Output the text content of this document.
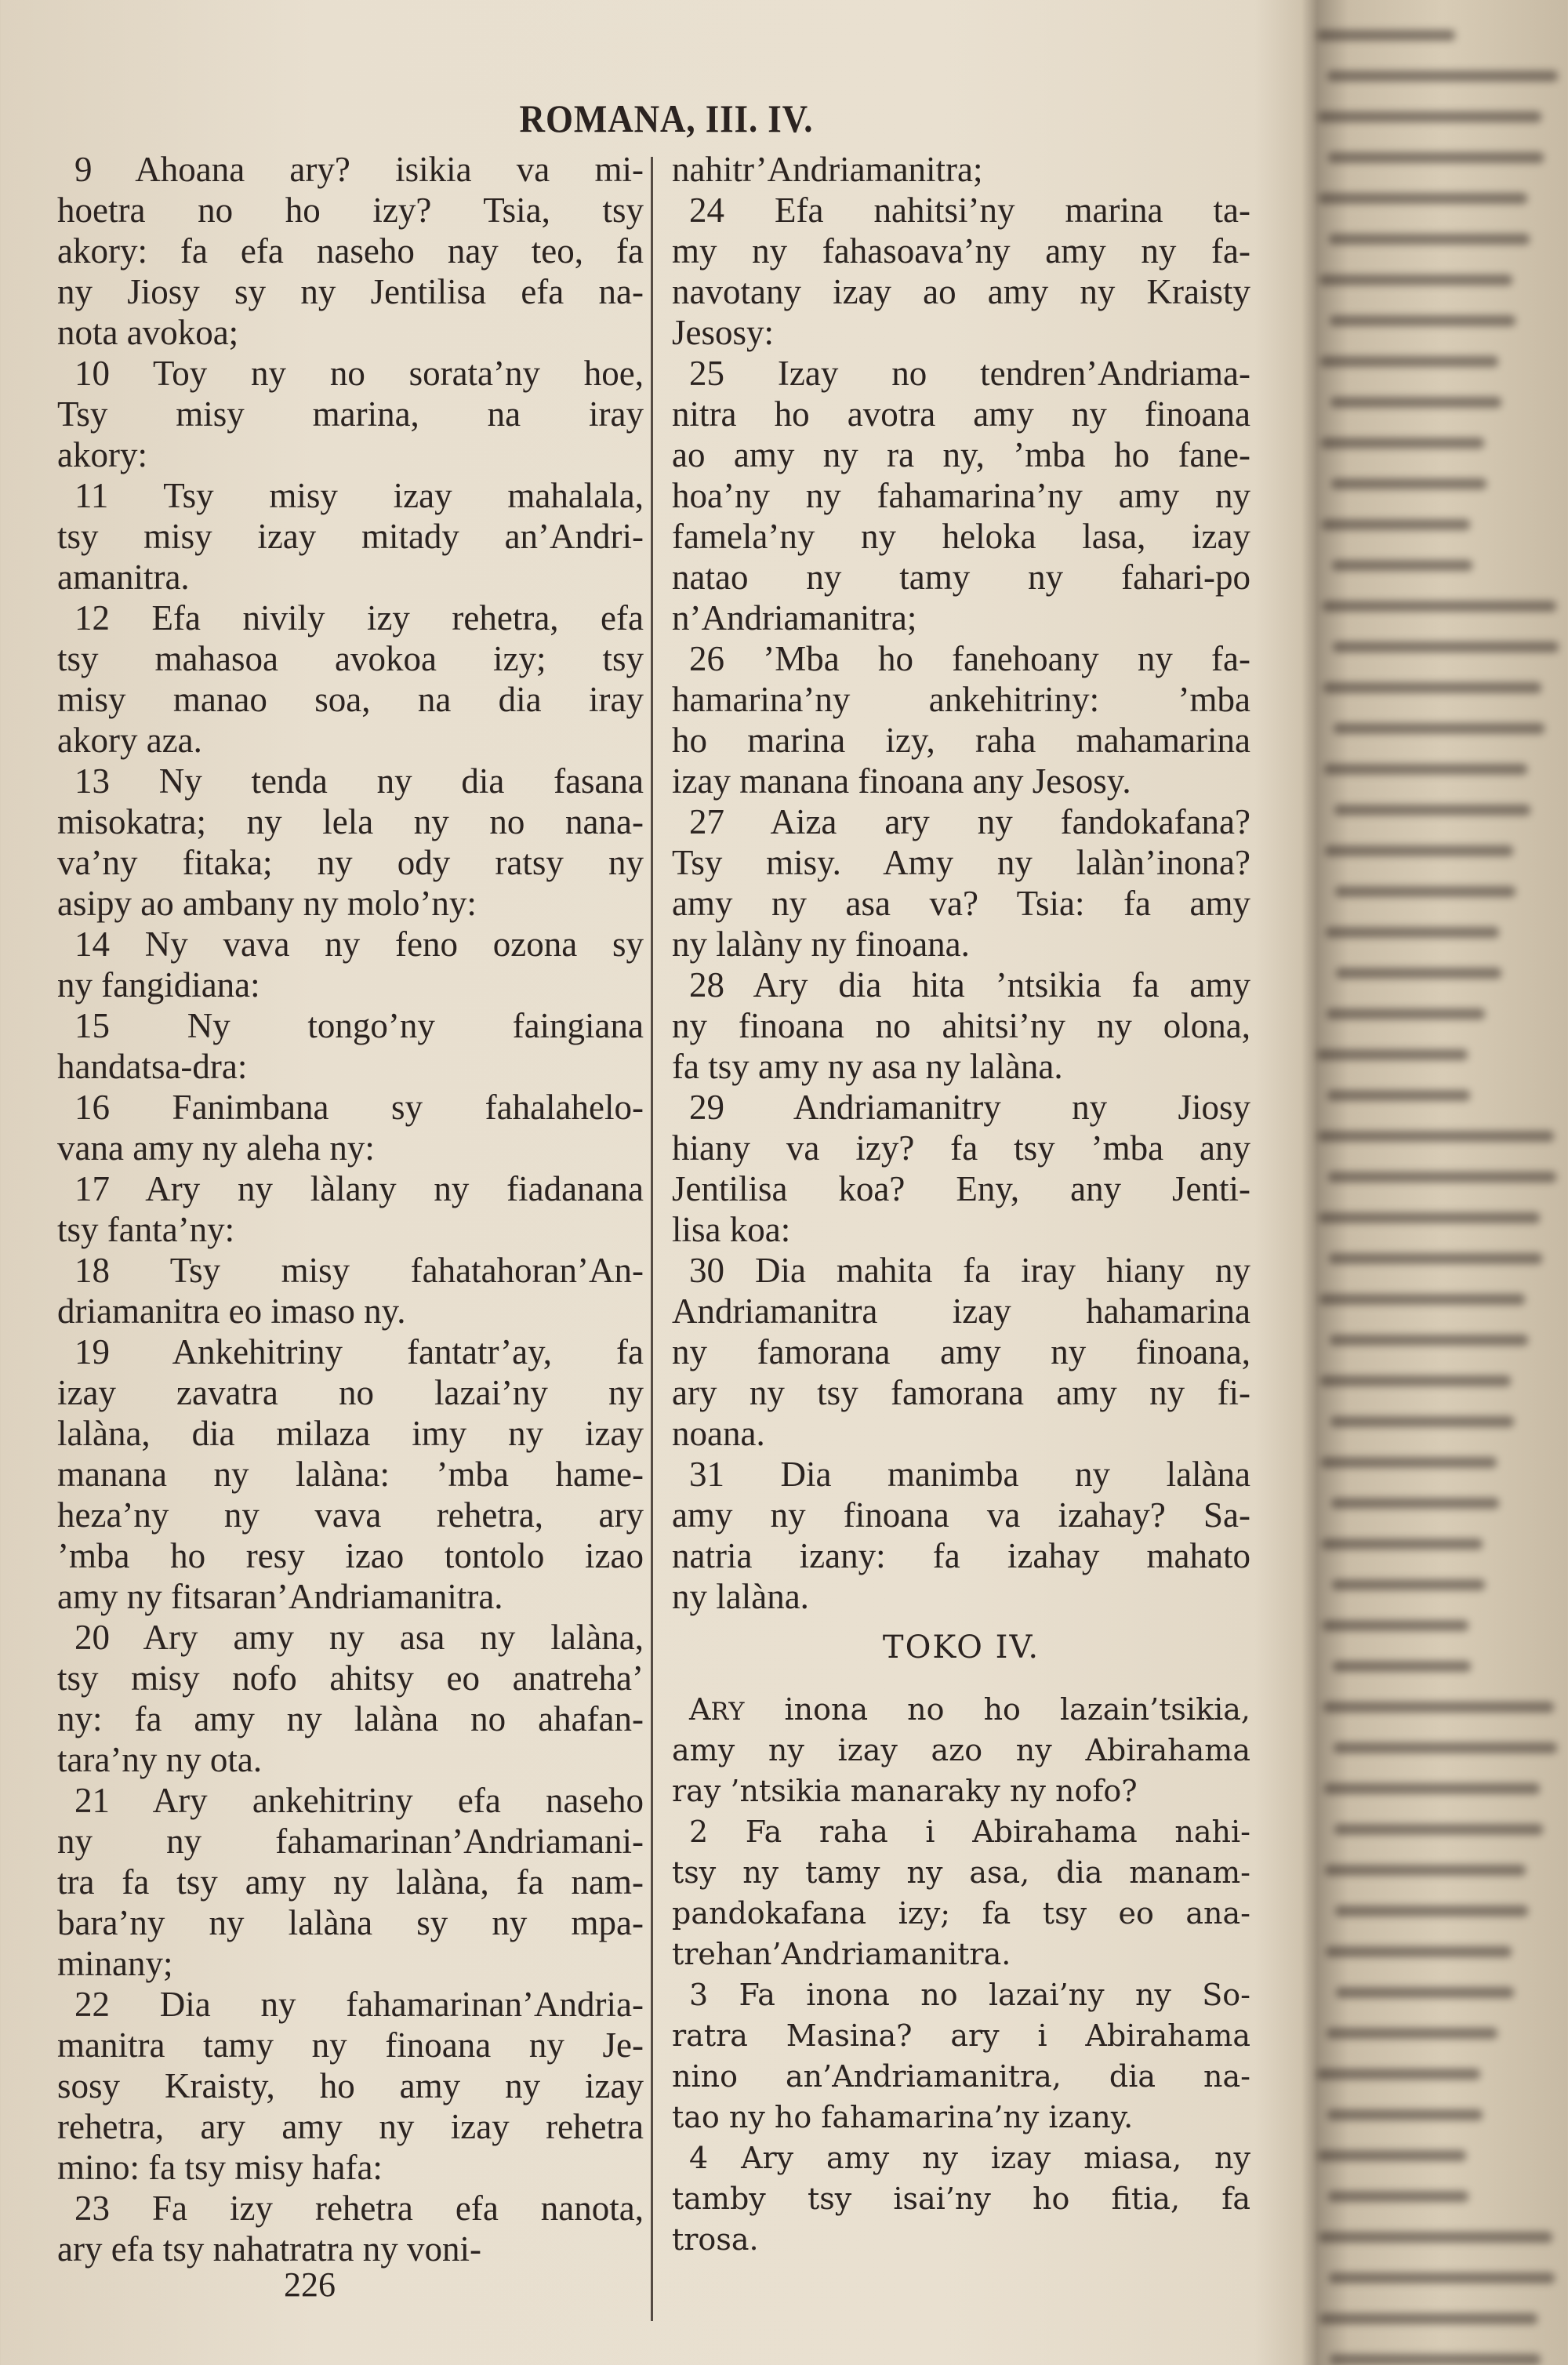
ROMANA, III. IV.
9 Ahoana ary? isikia va mi-
hoetra no ho izy? Tsia, tsy
akory: fa efa naseho nay teo, fa
ny Jiosy sy ny Jentilisa efa na-
nota avokoa;
10 Toy ny no sorata’ny hoe,
Tsy misy marina, na iray
akory:
11 Tsy misy izay mahalala,
tsy misy izay mitady an’Andri-
amanitra.
12 Efa nivily izy rehetra, efa
tsy mahasoa avokoa izy; tsy
misy manao soa, na dia iray
akory aza.
13 Ny tenda ny dia fasana
misokatra; ny lela ny no nana-
va’ny fitaka; ny ody ratsy ny
asipy ao ambany ny molo’ny:
14 Ny vava ny feno ozona sy
ny fangidiana:
15 Ny tongo’ny faingiana
handatsa-dra:
16 Fanimbana sy fahalahelo-
vana amy ny aleha ny:
17 Ary ny làlany ny fiadanana
tsy fanta’ny:
18 Tsy misy fahatahoran’An-
driamanitra eo imaso ny.
19 Ankehitriny fantatr’ay, fa
izay zavatra no lazai’ny ny
lalàna, dia milaza imy ny izay
manana ny lalàna: ’mba hame-
heza’ny ny vava rehetra, ary
’mba ho resy izao tontolo izao
amy ny fitsaran’Andriamanitra.
20 Ary amy ny asa ny lalàna,
tsy misy nofo ahitsy eo anatreha’
ny: fa amy ny lalàna no ahafan-
tara’ny ny ota.
21 Ary ankehitriny efa naseho
ny ny fahamarinan’Andriamani-
tra fa tsy amy ny lalàna, fa nam-
bara’ny ny lalàna sy ny mpa-
minany;
22 Dia ny fahamarinan’Andria-
manitra tamy ny finoana ny Je-
sosy Kraisty, ho amy ny izay
rehetra, ary amy ny izay rehetra
mino: fa tsy misy hafa:
23 Fa izy rehetra efa nanota,
ary efa tsy nahatratra ny voni-
nahitr’Andriamanitra;
24 Efa nahitsi’ny marina ta-
my ny fahasoava’ny amy ny fa-
navotany izay ao amy ny Kraisty
Jesosy:
25 Izay no tendren’Andriama-
nitra ho avotra amy ny finoana
ao amy ny ra ny, ’mba ho fane-
hoa’ny ny fahamarina’ny amy ny
famela’ny ny heloka lasa, izay
natao ny tamy ny fahari-po
n’Andriamanitra;
26 ’Mba ho fanehoany ny fa-
hamarina’ny ankehitriny: ’mba
ho marina izy, raha mahamarina
izay manana finoana any Jesosy.
27 Aiza ary ny fandokafana?
Tsy misy. Amy ny lalàn’inona?
amy ny asa va? Tsia: fa amy
ny lalàny ny finoana.
28 Ary dia hita ’ntsikia fa amy
ny finoana no ahitsi’ny ny olona,
fa tsy amy ny asa ny lalàna.
29 Andriamanitry ny Jiosy
hiany va izy? fa tsy ’mba any
Jentilisa koa? Eny, any Jenti-
lisa koa:
30 Dia mahita fa iray hiany ny
Andriamanitra izay hahamarina
ny famorana amy ny finoana,
ary ny tsy famorana amy ny fi-
noana.
31 Dia manimba ny lalàna
amy ny finoana va izahay? Sa-
natria izany: fa izahay mahato
ny lalàna.
TOKO IV.
ARY inona no ho lazain’tsikia,
amy ny izay azo ny Abirahama
ray ’ntsikia manaraky ny nofo?
2 Fa raha i Abirahama nahi-
tsy ny tamy ny asa, dia manam-
pandokafana izy; fa tsy eo ana-
trehan’Andriamanitra.
3 Fa inona no lazai’ny ny So-
ratra Masina? ary i Abirahama
nino an’Andriamanitra, dia na-
tao ny ho fahamarina’ny izany.
4 Ary amy ny izay miasa, ny
tamby tsy isai’ny ho fitia, fa
trosa.
226
